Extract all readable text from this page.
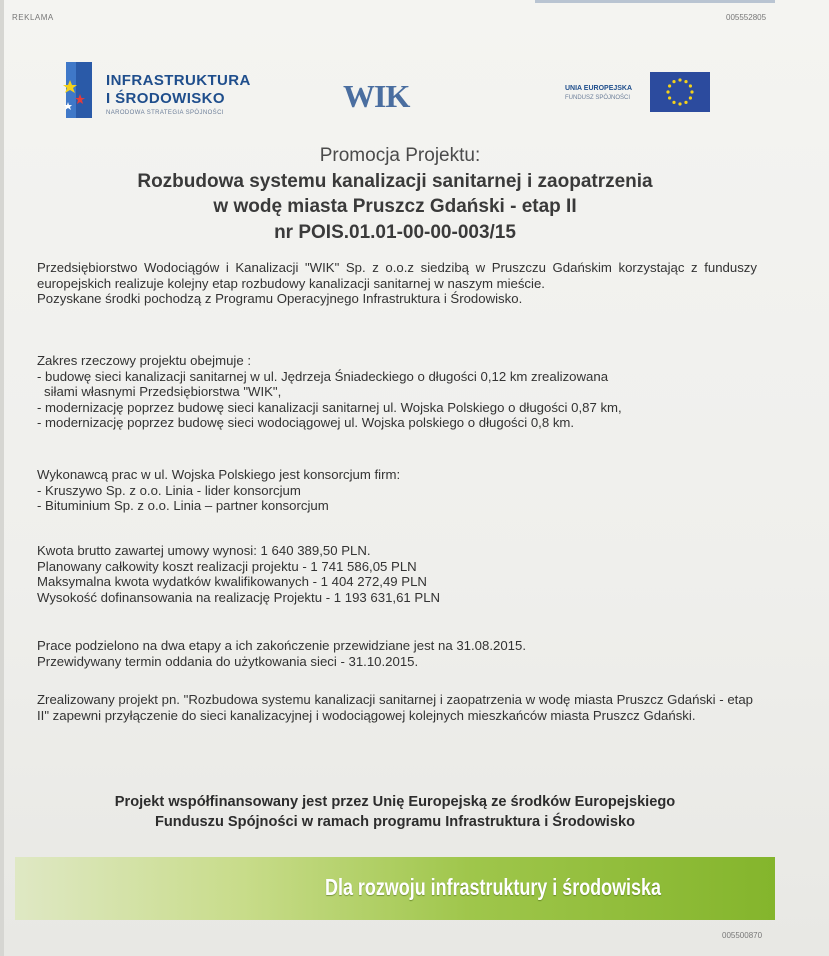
REKLAMA	005552805
INFRASTRUKTURA
I ŚRODOWISKO
NARODOWA STRATEGIA SPÓJNOŚCI	WIK	UNIA EUROPEJSKA
FUNDUSZ SPÓJNOŚCI
Promocja Projektu:
Rozbudowa systemu kanalizacji sanitarnej i zaopatrzenia
w wodę miasta Pruszcz Gdański - etap II
nr POIS.01.01-00-00-003/15

Przedsiębiorstwo Wodociągów i Kanalizacji "WIK" Sp. z o.o.z siedzibą w Pruszczu Gdańskim korzystając z funduszy europejskich realizuje kolejny etap rozbudowy kanalizacji sanitarnej w naszym mieście.

Pozyskane środki pochodzą z Programu Operacyjnego Infrastruktura i Środowisko.

Zakres rzeczowy projektu obejmuje :

- budowę sieci kanalizacji sanitarnej w ul. Jędrzeja Śniadeckiego o długości 0,12 km zrealizowana

siłami własnymi Przedsiębiorstwa "WIK",

- modernizację poprzez budowę sieci kanalizacji sanitarnej ul. Wojska Polskiego o długości 0,87 km,

- modernizację poprzez budowę sieci wodociągowej ul. Wojska polskiego o długości 0,8 km.

Wykonawcą prac w ul. Wojska Polskiego jest konsorcjum firm:

- Kruszywo Sp. z o.o. Linia - lider konsorcjum

- Bituminium Sp. z o.o. Linia – partner konsorcjum

Kwota brutto zawartej umowy wynosi: 1 640 389,50 PLN.

Planowany całkowity koszt realizacji projektu - 1 741 586,05 PLN

Maksymalna kwota wydatków kwalifikowanych - 1 404 272,49 PLN

Wysokość dofinansowania na realizację Projektu - 1 193 631,61 PLN

Prace podzielono na dwa etapy a ich zakończenie przewidziane jest na 31.08.2015.

Przewidywany termin oddania do użytkowania sieci - 31.10.2015.

Zrealizowany projekt pn. "Rozbudowa systemu kanalizacji sanitarnej i zaopatrzenia w wodę miasta Pruszcz Gdański - etap II" zapewni przyłączenie do sieci kanalizacyjnej i wodociągowej kolejnych mieszkańców miasta Pruszcz Gdański.

Projekt współfinansowany jest przez Unię Europejską ze środków Europejskiego
Funduszu Spójności w ramach programu Infrastruktura i Środowisko
Dla rozwoju infrastruktury i środowiska
005500870
